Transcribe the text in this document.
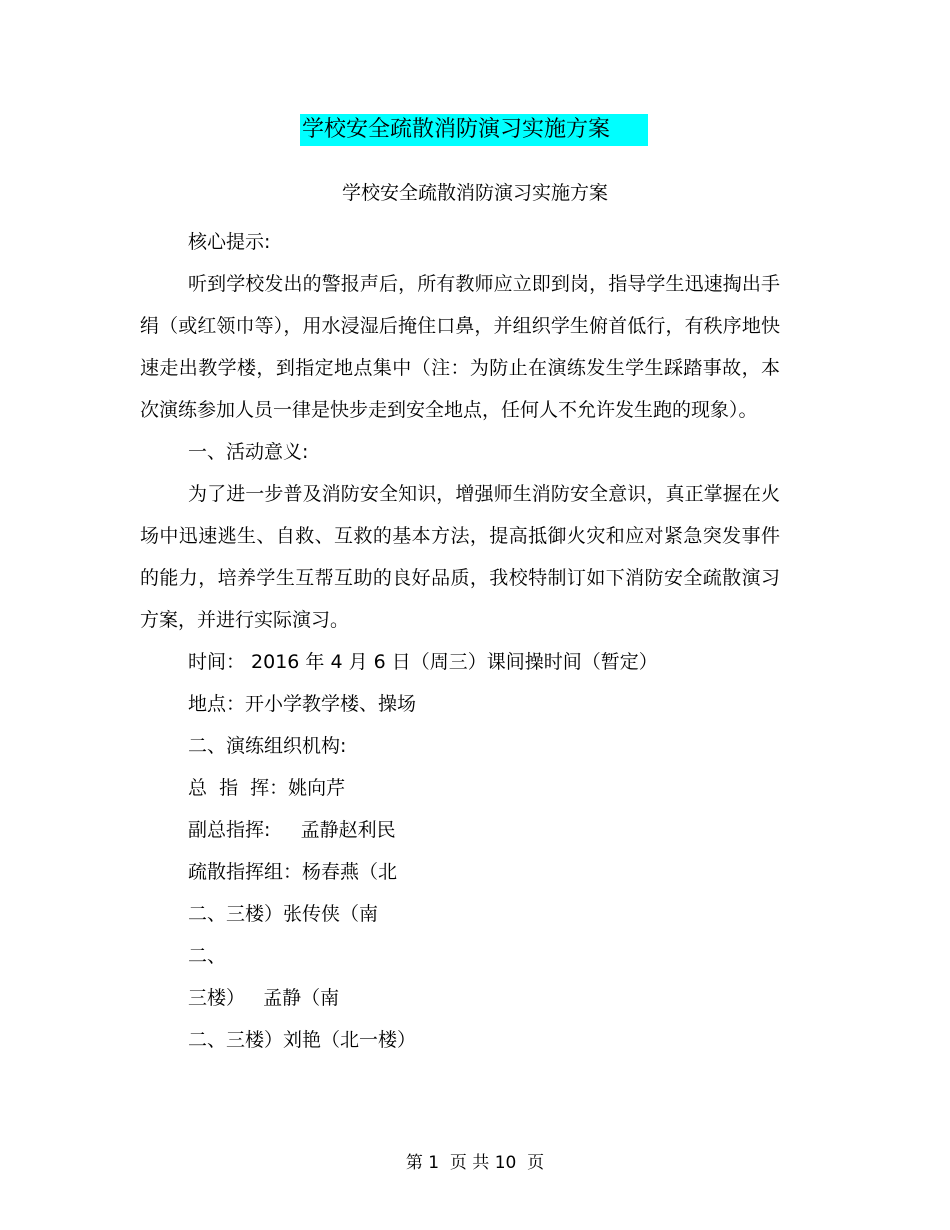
学校安全疏散消防演习实施方案
学校安全疏散消防演习实施方案

核心提示:

听到学校发出的警报声后，所有教师应立即到岗，指导学生迅速掏出手绢（或红领巾等），用水浸湿后掩住口鼻，并组织学生俯首低行，有秩序地快速走出教学楼，到指定地点集中（注：为防止在演练发生学生踩踏事故，本次演练参加人员一律是快步走到安全地点，任何人不允许发生跑的现象）。

一、活动意义:

为了进一步普及消防安全知识，增强师生消防安全意识，真正掌握在火场中迅速逃生、自救、互救的基本方法，提高抵御火灾和应对紧急突发事件的能力，培养学生互帮互助的良好品质，我校特制订如下消防安全疏散演习方案，并进行实际演习。

时间： 2016 年 4 月 6 日（周三）课间操时间（暂定）

地点：开小学教学楼、操场

二、演练组织机构:

总  指  挥：姚向芹

副总指挥:     孟静赵利民

疏散指挥组：杨春燕（北

二、三楼）张传侠（南

二、

三楼）   孟静（南

二、三楼）刘艳（北一楼）

第 1  页 共 10  页
